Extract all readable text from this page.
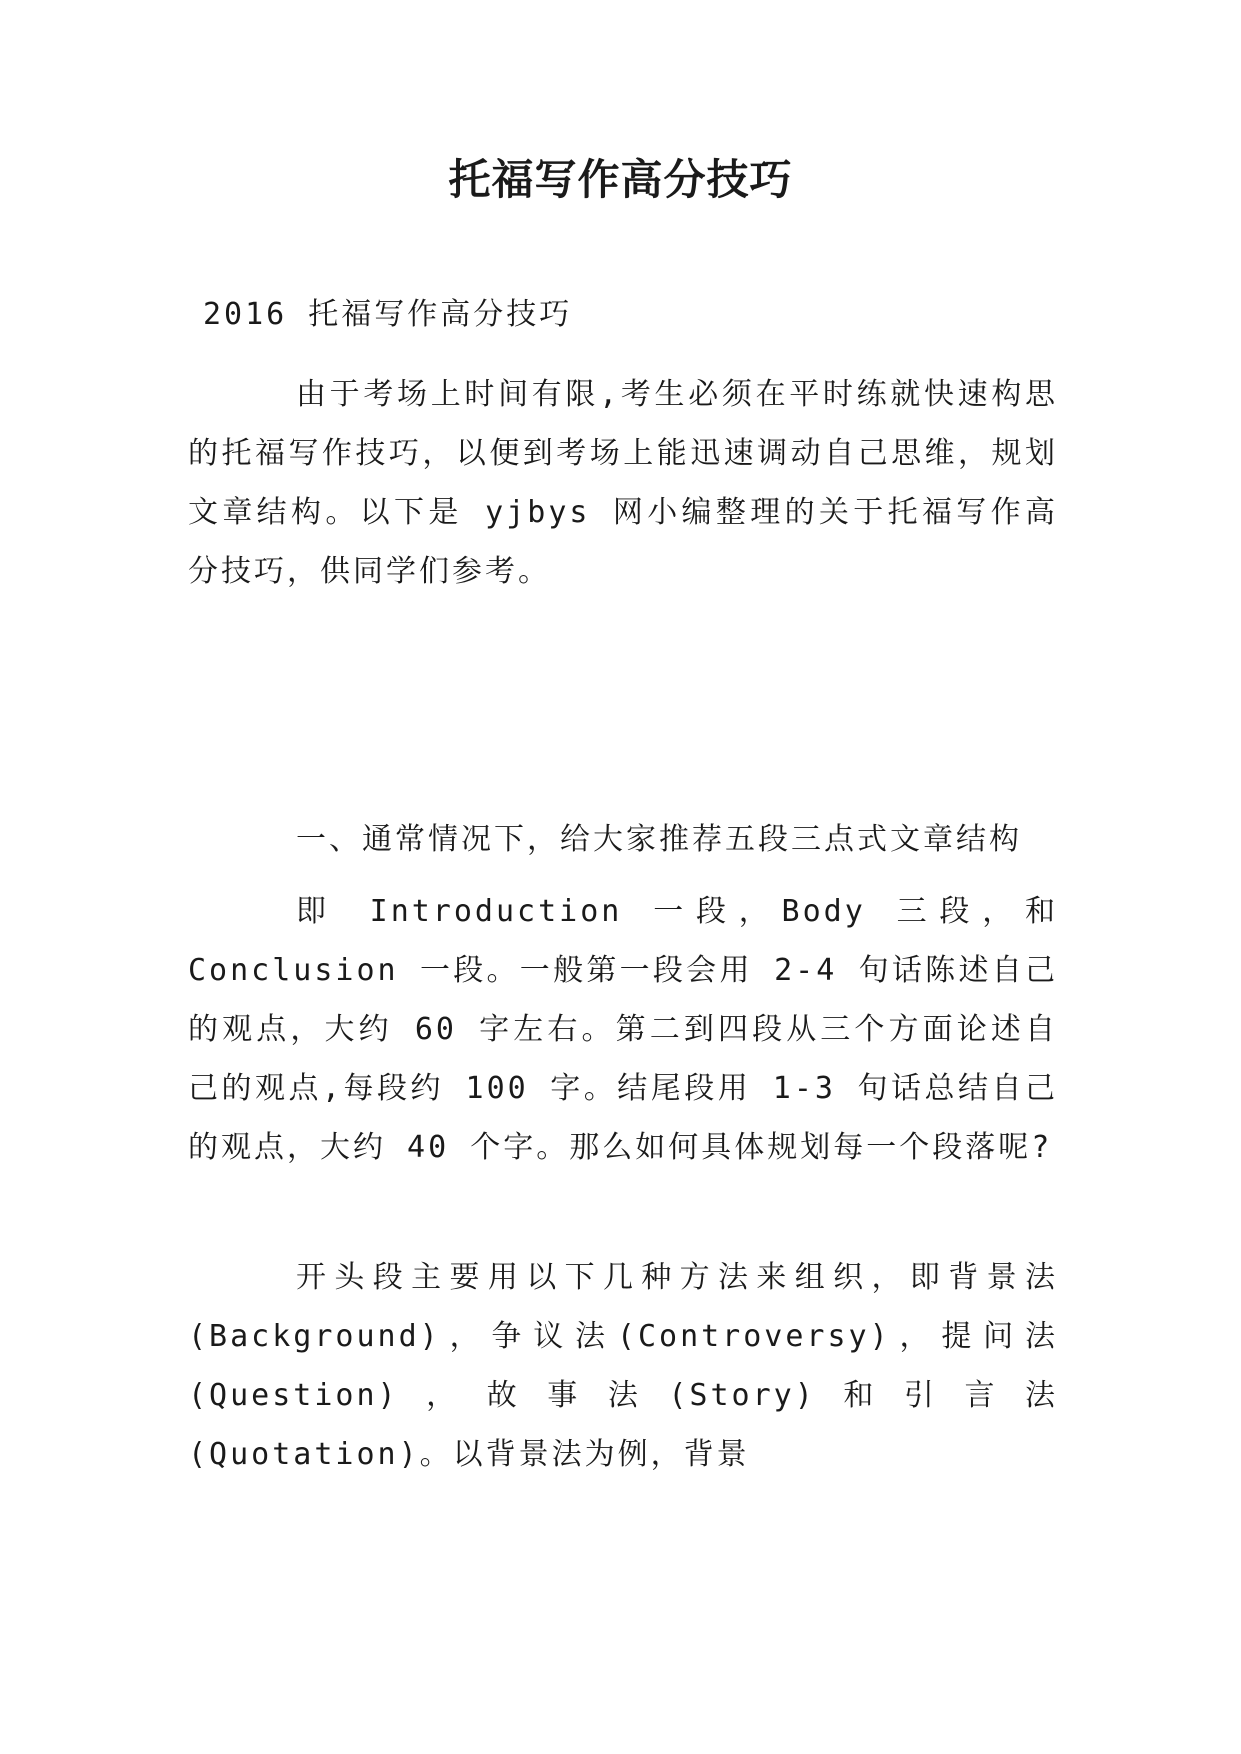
托福写作高分技巧

2016 托福写作高分技巧

由于考场上时间有限,考生必须在平时练就快速构思的托福写作技巧，以便到考场上能迅速调动自己思维，规划文章结构。以下是 yjbys 网小编整理的关于托福写作高分技巧，供同学们参考。

一、通常情况下，给大家推荐五段三点式文章结构

即 Introduction 一段，Body 三段，和 Conclusion 一段。一般第一段会用 2-4 句话陈述自己的观点，大约 60 字左右。第二到四段从三个方面论述自己的观点,每段约 100 字。结尾段用 1-3 句话总结自己的观点，大约 40 个字。那么如何具体规划每一个段落呢?

开头段主要用以下几种方法来组织，即背景法(Background)，争议法(Controversy)，提问法(Question)，故事法(Story)和引言法(Quotation)。以背景法为例，背景
